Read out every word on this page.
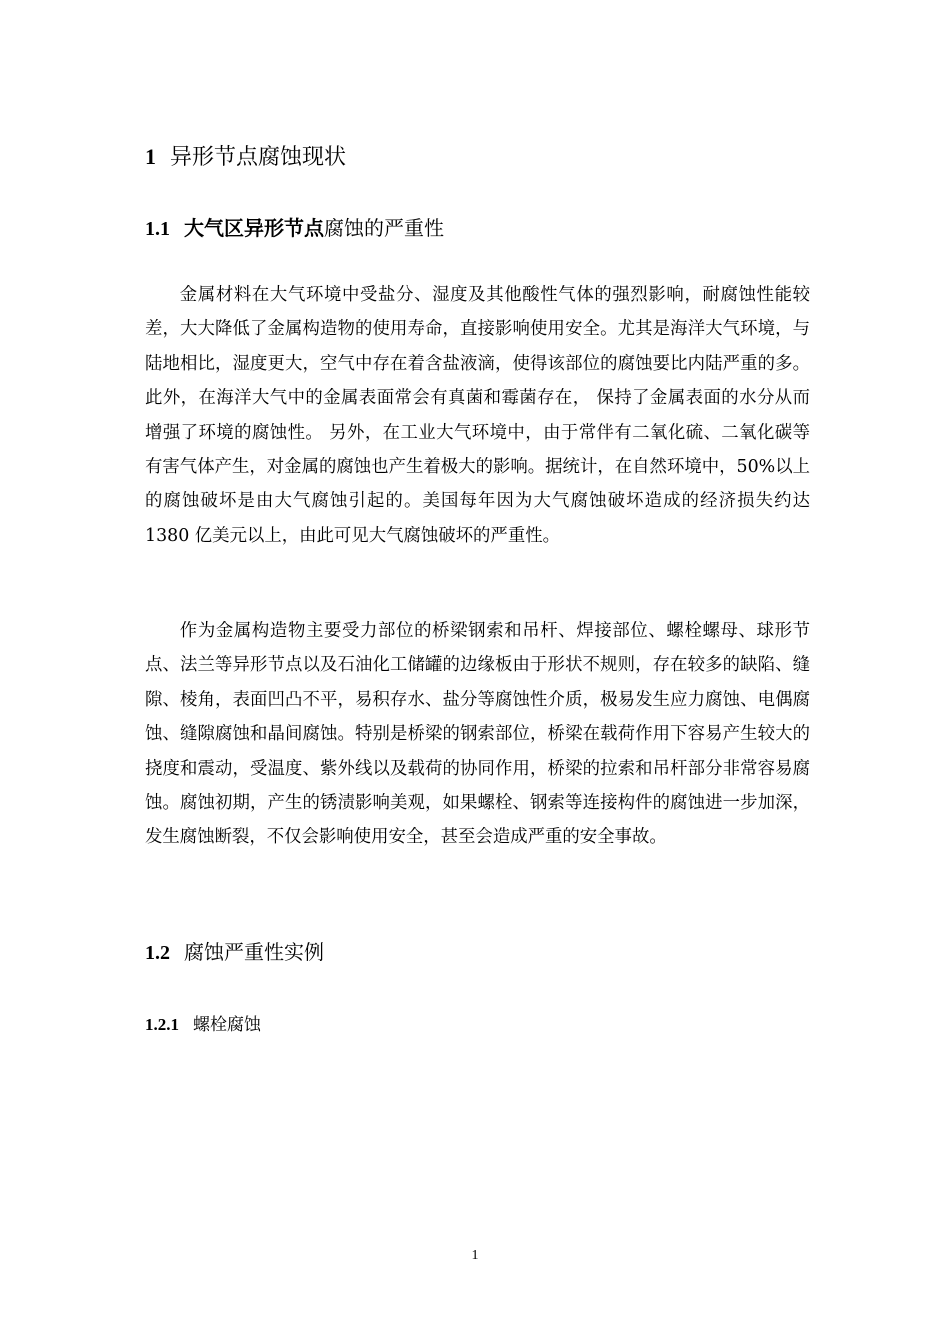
1 异形节点腐蚀现状
1.1 大气区异形节点腐蚀的严重性

金属材料在大气环境中受盐分、湿度及其他酸性气体的强烈影响，耐腐蚀性能较差，大大降低了金属构造物的使用寿命，直接影响使用安全。尤其是海洋大气环境，与陆地相比，湿度更大，空气中存在着含盐液滴，使得该部位的腐蚀要比内陆严重的多。此外，在海洋大气中的金属表面常会有真菌和霉菌存在， 保持了金属表面的水分从而增强了环境的腐蚀性。 另外，在工业大气环境中，由于常伴有二氧化硫、二氧化碳等有害气体产生，对金属的腐蚀也产生着极大的影响。据统计，在自然环境中，50%以上的腐蚀破坏是由大气腐蚀引起的。美国每年因为大气腐蚀破坏造成的经济损失约达 1380 亿美元以上，由此可见大气腐蚀破坏的严重性。

作为金属构造物主要受力部位的桥梁钢索和吊杆、焊接部位、螺栓螺母、球形节点、法兰等异形节点以及石油化工储罐的边缘板由于形状不规则，存在较多的缺陷、缝隙、棱角，表面凹凸不平，易积存水、盐分等腐蚀性介质，极易发生应力腐蚀、电偶腐蚀、缝隙腐蚀和晶间腐蚀。特别是桥梁的钢索部位，桥梁在载荷作用下容易产生较大的挠度和震动，受温度、紫外线以及载荷的协同作用，桥梁的拉索和吊杆部分非常容易腐蚀。腐蚀初期，产生的锈渍影响美观，如果螺栓、钢索等连接构件的腐蚀进一步加深，发生腐蚀断裂，不仅会影响使用安全，甚至会造成严重的安全事故。

1.2 腐蚀严重性实例
1.2.1 螺栓腐蚀
1
